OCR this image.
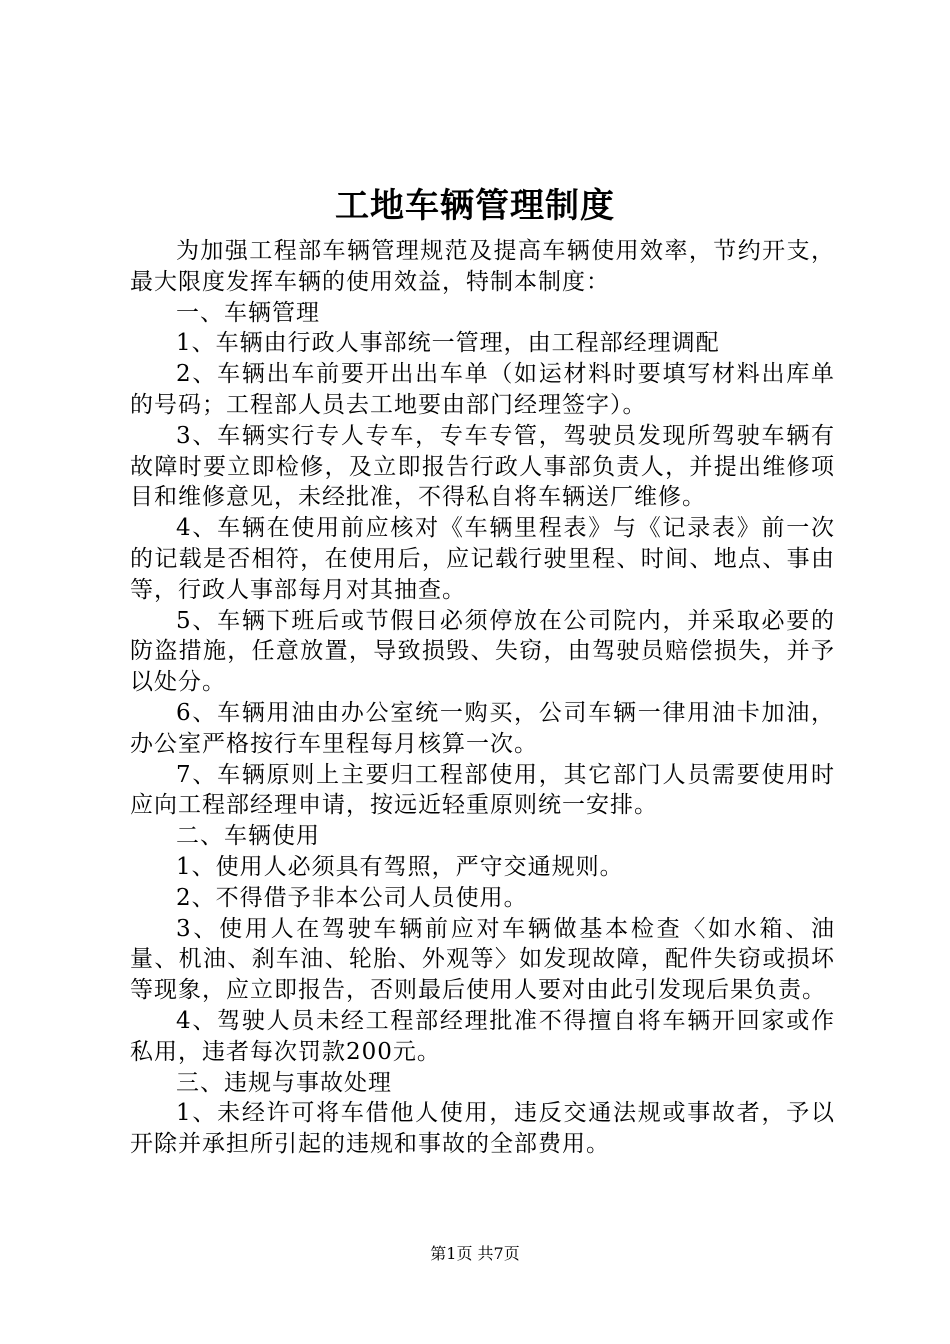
工地车辆管理制度

为加强工程部车辆管理规范及提高车辆使用效率，节约开支，最大限度发挥车辆的使用效益，特制本制度：

一、车辆管理

1、车辆由行政人事部统一管理，由工程部经理调配

2、车辆出车前要开出出车单（如运材料时要填写材料出库单的号码；工程部人员去工地要由部门经理签字）。

3、车辆实行专人专车，专车专管，驾驶员发现所驾驶车辆有故障时要立即检修，及立即报告行政人事部负责人，并提出维修项目和维修意见，未经批准，不得私自将车辆送厂维修。

4、车辆在使用前应核对《车辆里程表》与《记录表》前一次的记载是否相符，在使用后，应记载行驶里程、时间、地点、事由等，行政人事部每月对其抽查。

5、车辆下班后或节假日必须停放在公司院内，并采取必要的防盗措施，任意放置，导致损毁、失窃，由驾驶员赔偿损失，并予以处分。

6、车辆用油由办公室统一购买，公司车辆一律用油卡加油，办公室严格按行车里程每月核算一次。

7、车辆原则上主要归工程部使用，其它部门人员需要使用时应向工程部经理申请，按远近轻重原则统一安排。

二、车辆使用

1、使用人必须具有驾照，严守交通规则。

2、不得借予非本公司人员使用。

3、使用人在驾驶车辆前应对车辆做基本检查〈如水箱、油量、机油、刹车油、轮胎、外观等〉如发现故障，配件失窃或损坏等现象，应立即报告，否则最后使用人要对由此引发现后果负责。

4、驾驶人员未经工程部经理批准不得擅自将车辆开回家或作私用，违者每次罚款200元。

三、违规与事故处理

1、未经许可将车借他人使用，违反交通法规或事故者，予以开除并承担所引起的违规和事故的全部费用。

第1页 共7页
